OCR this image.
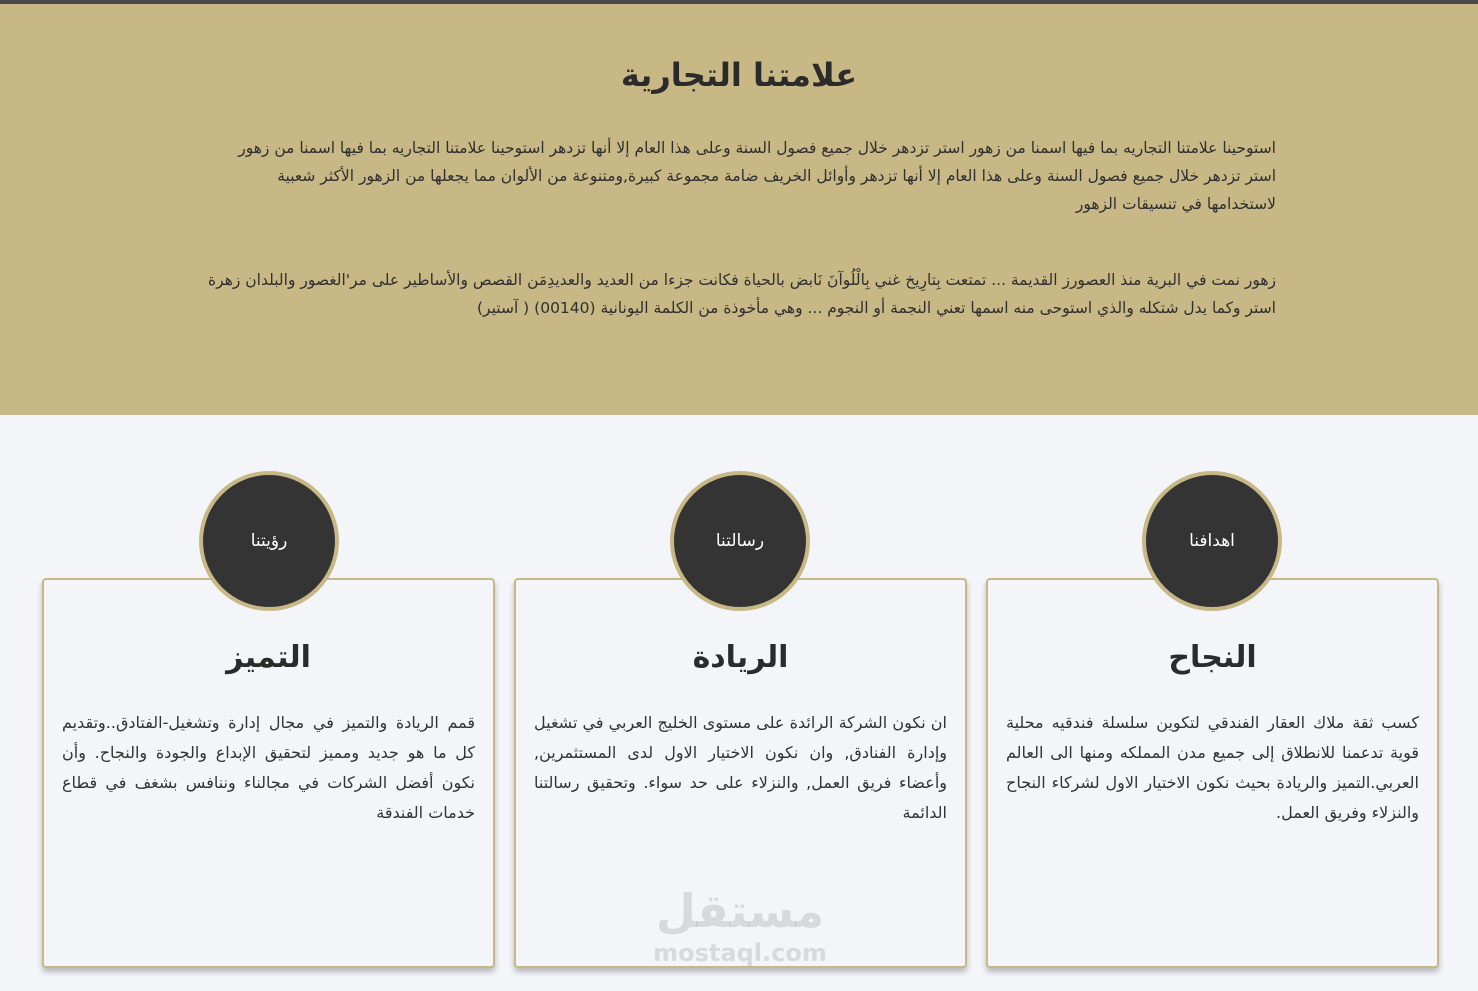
علامتنا التجارية

استوحينا علامتنا التجاريه بما فيها اسمنا من زهور استر تزدهر خلال جميع فصول السنة وعلى هذا العام إلا أنها تزدهر استوحينا علامتنا التجاريه بما فيها اسمنا من زهور استر تزدهر خلال جميع فصول السنة وعلى هذا العام إلا أنها تزدهر وأوائل الخريف ضامة مجموعة كبيرة,ومتنوعة من الألوان مما يجعلها من الزهور الأكثر شعبية لاستخدامها في تنسيقات الزهور

زهور نمت في البرية منذ العصورز القديمة ... تمتعت بِتارِيخ غني بِالْلُوآنَ نَابض بالحياة فكانت جزءا من العديد والعديدِمَن القصص والأساطير على مر'الغصور والبلدان زهرة استر وكما يدل شتكله والذي استوحى منه اسمها تعني النجمة أو النجوم ... وهي مأخوذة من الكلمة اليونانية (00140) ( آستير)

اهدافنا
النجاح

كسب ثقة ملاك العقار الفندقي لتكوين سلسلة فندقيه محلية قوية تدعمنا للانطلاق إلى جميع مدن المملكه ومنها الى العالم العربي.التميز والريادة بحيث نكون الاختيار الاول لشركاء النجاح والنزلاء وفريق العمل.

رسالتنا
الريادة

ان نكون الشركة الرائدة على مستوى الخليج العربي في تشغيل وإدارة الفنادق, وان نكون الاختيار الاول لدى المستثمرين, وأعضاء فريق العمل, والنزلاء على حد سواء. وتحقيق رسالتنا الدائمة

رؤيتنا
التميز

قمم الريادة والتميز في مجال إدارة وتشغيل-الفتادق..وتقديم كل ما هو جديد ومميز لتحقيق الإبداع والجودة والنجاح. وأن نكون أفضل الشركات في مجالناء وننافس بشغف في قطاع خدمات الفندقة

مستقل
mostaql.com
